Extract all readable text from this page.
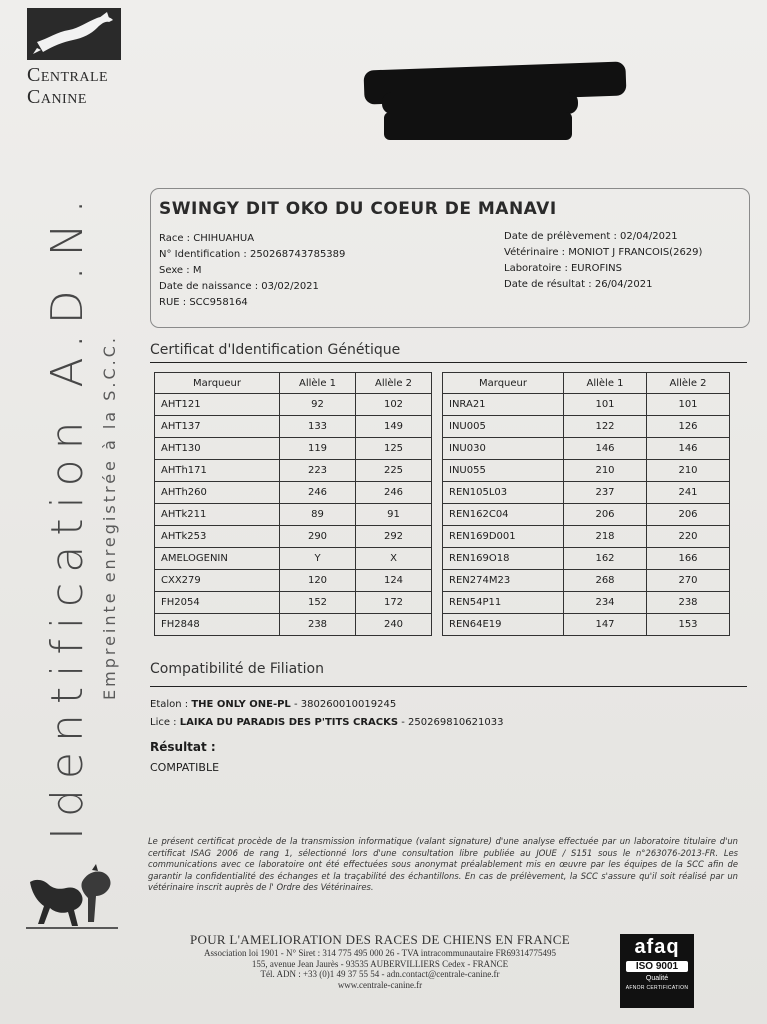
Centrale
Canine
Identification A.D.N. Empreinte enregistrée à la S.C.C.
SWINGY DIT OKO DU COEUR DE MANAVI
Race : CHIHUAHUA
N° Identification : 250268743785389
Sexe : M
Date de naissance : 03/02/2021
RUE : SCC958164
Date de prélèvement : 02/04/2021
Vétérinaire : MONIOT J FRANCOIS(2629)
Laboratoire : EUROFINS
Date de résultat : 26/04/2021
Certificat d'Identification Génétique
Marqueur	Allèle 1	Allèle 2
AHT121	92	102
AHT137	133	149
AHT130	119	125
AHTh171	223	225
AHTh260	246	246
AHTk211	89	91
AHTk253	290	292
AMELOGENIN	Y	X
CXX279	120	124
FH2054	152	172
FH2848	238	240
Marqueur	Allèle 1	Allèle 2
INRA21	101	101
INU005	122	126
INU030	146	146
INU055	210	210
REN105L03	237	241
REN162C04	206	206
REN169D001	218	220
REN169O18	162	166
REN274M23	268	270
REN54P11	234	238
REN64E19	147	153
Compatibilité de Filiation
Etalon : THE ONLY ONE-PL - 380260010019245
Lice : LAIKA DU PARADIS DES P'TITS CRACKS - 250269810621033
Résultat :
COMPATIBLE
Le présent certificat procède de la transmission informatique (valant signature) d'une analyse effectuée par un laboratoire titulaire d'un certificat ISAG 2006 de rang 1, sélectionné lors d'une consultation libre publiée au JOUE / S151 sous le n°263076-2013-FR. Les communications avec ce laboratoire ont été effectuées sous anonymat préalablement mis en œuvre par les équipes de la SCC afin de garantir la confidentialité des échanges et la traçabilité des échantillons. En cas de prélèvement, la SCC s'assure qu'il soit réalisé par un vétérinaire inscrit auprès de l' Ordre des Vétérinaires.
POUR L'AMELIORATION DES RACES DE CHIENS EN FRANCE
Association loi 1901 - N° Siret : 314 775 495 000 26 - TVA intracommunautaire FR69314775495
155, avenue Jean Jaurès - 93535 AUBERVILLIERS Cedex - FRANCE
Tél. ADN : +33 (0)1 49 37 55 54 - adn.contact@centrale-canine.fr
www.centrale-canine.fr
afaq
ISO 9001
Qualité
AFNOR CERTIFICATION
